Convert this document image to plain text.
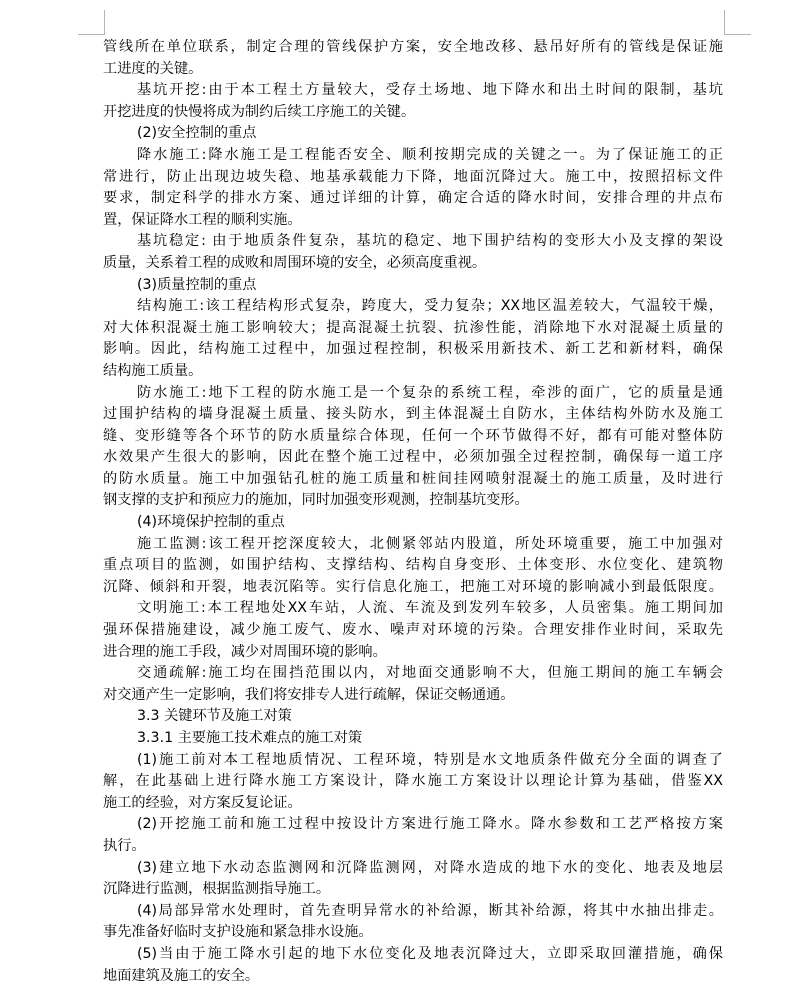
管线所在单位联系，制定合理的管线保护方案，安全地改移、悬吊好所有的管线是保证施
工进度的关键。
基坑开挖:由于本工程土方量较大，受存土场地、地下降水和出土时间的限制，基坑
开挖进度的快慢将成为制约后续工序施工的关键。
(2)安全控制的重点
降水施工:降水施工是工程能否安全、顺利按期完成的关键之一。为了保证施工的正
常进行，防止出现边坡失稳、地基承载能力下降，地面沉降过大。施工中，按照招标文件
要求，制定科学的排水方案、通过详细的计算，确定合适的降水时间，安排合理的井点布
置，保证降水工程的顺利实施。
基坑稳定: 由于地质条件复杂，基坑的稳定、地下围护结构的变形大小及支撑的架设
质量，关系着工程的成败和周围环境的安全，必须高度重视。
(3)质量控制的重点
结构施工:该工程结构形式复杂，跨度大，受力复杂；XX地区温差较大，气温较干燥，
对大体积混凝土施工影响较大；提高混凝土抗裂、抗渗性能，消除地下水对混凝土质量的
影响。因此，结构施工过程中，加强过程控制，积极采用新技术、新工艺和新材料，确保
结构施工质量。
防水施工:地下工程的防水施工是一个复杂的系统工程，牵涉的面广，它的质量是通
过围护结构的墙身混凝土质量、接头防水，到主体混凝土自防水，主体结构外防水及施工
缝、变形缝等各个环节的防水质量综合体现，任何一个环节做得不好，都有可能对整体防
水效果产生很大的影响，因此在整个施工过程中，必须加强全过程控制，确保每一道工序
的防水质量。施工中加强钻孔桩的施工质量和桩间挂网喷射混凝土的施工质量，及时进行
钢支撑的支护和预应力的施加，同时加强变形观测，控制基坑变形。
(4)环境保护控制的重点
施工监测:该工程开挖深度较大，北侧紧邻站内股道，所处环境重要，施工中加强对
重点项目的监测，如围护结构、支撑结构、结构自身变形、土体变形、水位变化、建筑物
沉降、倾斜和开裂，地表沉陷等。实行信息化施工，把施工对环境的影响减小到最低限度。
文明施工:本工程地处XX车站，人流、车流及到发列车较多，人员密集。施工期间加
强环保措施建设，减少施工废气、废水、噪声对环境的污染。合理安排作业时间，采取先
进合理的施工手段，减少对周围环境的影响。
交通疏解:施工均在围挡范围以内，对地面交通影响不大，但施工期间的施工车辆会
对交通产生一定影响，我们将安排专人进行疏解，保证交畅通通。
3.3 关键环节及施工对策
3.3.1 主要施工技术难点的施工对策
(1)施工前对本工程地质情况、工程环境，特别是水文地质条件做充分全面的调查了
解，在此基础上进行降水施工方案设计，降水施工方案设计以理论计算为基础，借鉴XX
施工的经验，对方案反复论证。
(2)开挖施工前和施工过程中按设计方案进行施工降水。降水参数和工艺严格按方案
执行。
(3)建立地下水动态监测网和沉降监测网，对降水造成的地下水的变化、地表及地层
沉降进行监测，根据监测指导施工。
(4)局部异常水处理时，首先查明异常水的补给源，断其补给源，将其中水抽出排走。
事先准备好临时支护设施和紧急排水设施。
(5)当由于施工降水引起的地下水位变化及地表沉降过大，立即采取回灌措施，确保
地面建筑及施工的安全。
